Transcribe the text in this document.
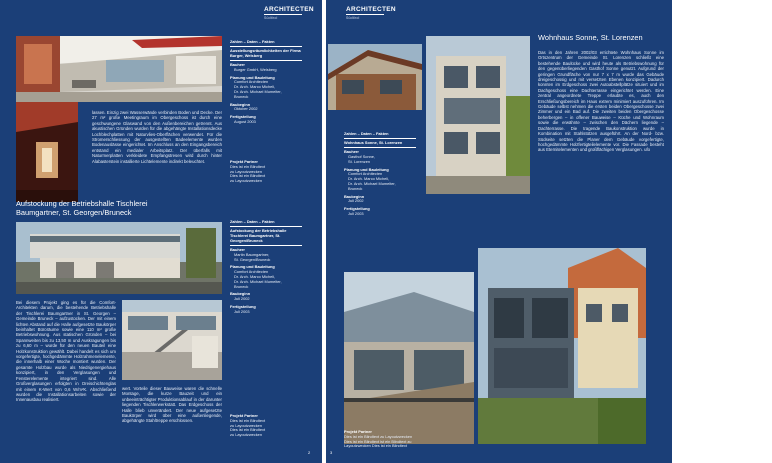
ARCHITECTEN
Südtirol
lassen. Einzig zwei Wasserwände verbinden Boden und Decke. Der 27 m² große Meetingraum im Obergeschoss ist durch eine geschwungene Glaswand von den Außenbereichen getrennt. Aus akustischen Gründen wurden für die abgehängte Installationsdecke Lochblechplatten mit Naturvlies-Oberflächen verwendet. Für die Stromerschliessung der ausgestellten Badeelemente wurden Bodenauslässe eingerichtet. Im Anschluss an den Eingangsbereich entstand ein medialer Arbeitsplatz. Der überfalls mit Naturmerplatten verkleidete Empfangstresen wird durch hinter Alabasterstein installierte Lichtelemente indirekt beleuchtet.
Zahlen – Daten – Fakten
Ausstellungsräumlichkeiten der Firma Burger, Welsberg
Bauherr
Burger GmbH, Welsberg
Planung und Bauleitung
Comfort Architecten
Dr. Arch. Marco Micheli,
Dr. Arch. Michael Mumelter,
Bruneck
Baubeginn
Oktober 2002
Fertigstellung
August 2003
Projekt Partner
Dies ist ein Blindtext
zu Layoutzwecken
Dies ist ein Blindtext
zu Layoutzwecken
Aufstockung der Betriebshalle Tischlerei
Baumgartner, St. Georgen/Bruneck
Bei diesem Projekt ging es für die Comfort-Architekten darum, die bestehende Betriebshalle der Tischlerei Baumgartner in St. Georgen – Gemeinde Bruneck – aufzustocken. Der mit einem lichten Abstand auf die Halle aufgesetzte Baukörper beinhaltet Büroräume sowie eine 110 m² große Betriebswohnung. Aus statischen Gründen – bei Spannweiten bis zu 13,50 m und Auskragungen bis zu 6,60 m – wurde für den neuen Bauteil eine Holzkonstruktion gewählt. Dabei handelt es sich um vorgefertigte, hochgedämmte Holzrahmenelemente, die innerhalb einer Woche montiert wurden. Der gesamte Holzbau wurde als Niedrigenergiehaus konzipiert, in den Verglasungen und Fensterelemente integriert sind. Alle Großverglasungen erfolgten in Dreischichtenglas mit einem K-Wert von 0,6 W/m²K. Abschließend wurden die Installationsarbeiten sowie der Innenausbau realisiert.
wert. Vorteile dieser Bauweise waren die schnelle Montage, die kurze Bauzeit und ein unbeeinträchtigter Produktionsablauf in der darunter liegenden Tischlerwerkstatt. Das Erdgeschoss der Halle blieb unverändert. Der neue aufgesetzte Baukörper wird über eine außenliegende, abgehängte Stahltreppe erschlossen.
Zahlen – Daten – Fakten
Aufstockung der Betriebshalle Tischlerei Baumgartner, St. Georgen/Bruneck
Bauherr
Martin Baumgartner,
St. Georgen/Bruneck
Planung und Bauleitung
Comfort Architecten
Dr. Arch. Marco Micheli,
Dr. Arch. Michael Mumelter,
Bruneck
Baubeginn
Juli 2002
Fertigstellung
Juli 2003
Projekt Partner
Dies ist ein Blindtext
zu Layoutzwecken
Dies ist ein Blindtext
zu Layoutzwecken
2
ARCHITECTEN
Südtirol
Wohnhaus Sonne, St. Lorenzen
Das in den Jahren 2002/03 errichtete Wohnhaus Sonne im Ortszentrum der Gemeinde St. Lorenzen schließt eine bestehende Baulücke und wird heute als Betriebswohnung für den gegenüberliegenden Gasthof Sonne genutzt. Aufgrund der geringen Grundfläche von nur 7 x 7 m wurde das Gebäude dreigeschossig und mit versetzten Ebenen konzipiert. Dadurch konnten im Erdgeschoss zwei Autoabstellplätze situiert und im Dachgeschoss eine Dachterrasse eingerichtet werden. Eine zentral angeordnete Treppe erlaubte es, auch den Erschließungsbereich im Haus extrem minimiert auszuführen. Im Gebäude selbst nehmen die ersten beiden Obergeschosse zwei Zimmer und ein Bad auf. Die zweiten beiden Obergeschosse beherbergen – in offener Bauweise – Küche und Wohnraum sowie die erwähnte – zwischen den Dächern liegende – Dachterrasse. Die tragende Baukonstruktion wurde in Kombination mit Stahlstützen ausgeführt. An der Nord- bzw. Südseite setzten die Planer dem Gebäude vorgefertigte, hochgedämmte Holzfertigteilelemente vor. Die Fassade besteht aus Eternitelementen und großflächigen Verglasungen. ufo
Zahlen – Daten – Fakten
Wohnhaus Sonne, St. Lorenzen
Bauherr
Gasthof Sonne,
St. Lorenzen
Planung und Bauleitung
Comfort Architecten
Dr. Arch. Marco Micheli,
Dr. Arch. Michael Mumelter,
Bruneck
Baubeginn
Juli 2002
Fertigstellung
Juli 2003
Projekt Partner
Dies ist ein Blindtext zu Layoutzwecken
Dies ist ein Blindtext ist ein Blindtext zu
Layoutzwecken Dies ist ein Blindtext
3
